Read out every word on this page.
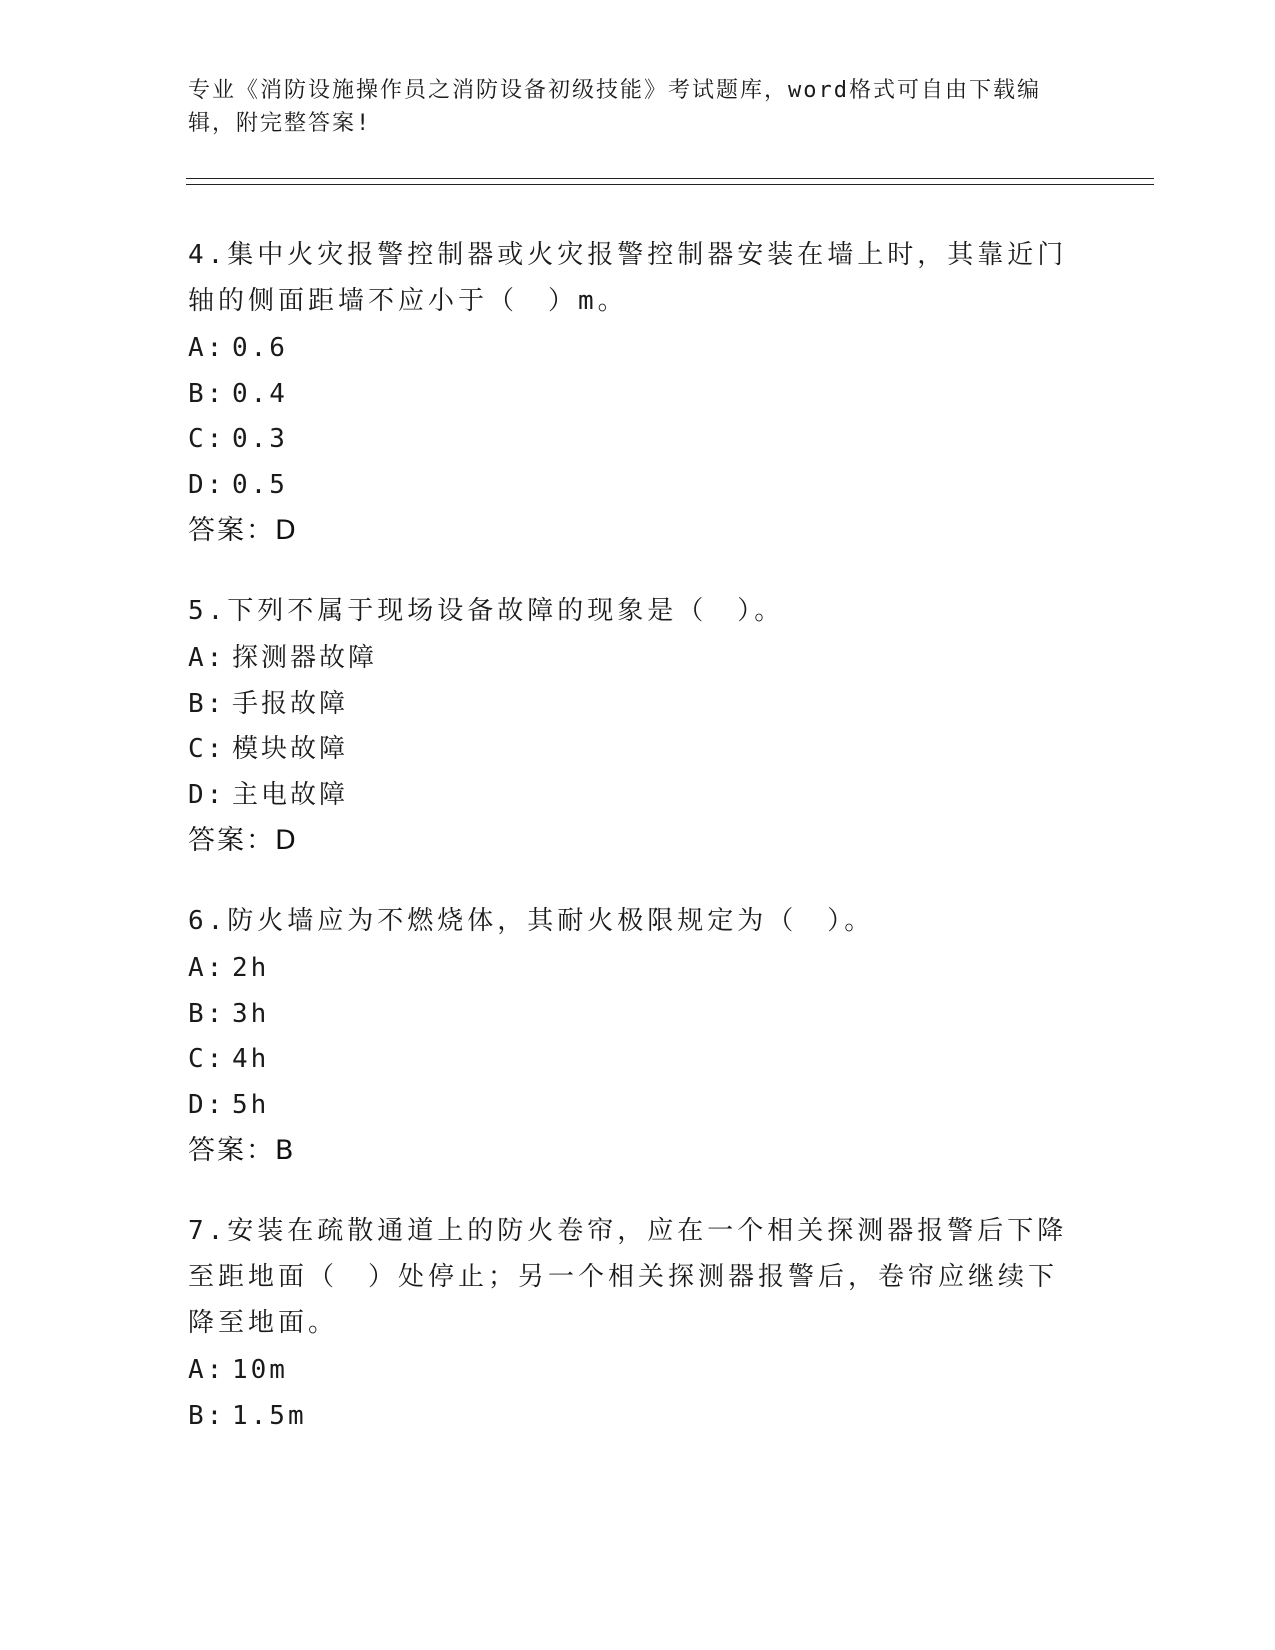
专业《消防设施操作员之消防设备初级技能》考试题库，word格式可自由下载编
辑，附完整答案!

4.集中火灾报警控制器或火灾报警控制器安装在墙上时，其靠近门轴的侧面距墙不应小于（　）m。

A: 0.6

B: 0.4

C: 0.3

D: 0.5

答案：D

5.下列不属于现场设备故障的现象是（　）。

A: 探测器故障

B: 手报故障

C: 模块故障

D: 主电故障

答案：D

6.防火墙应为不燃烧体，其耐火极限规定为（　）。

A: 2h

B: 3h

C: 4h

D: 5h

答案：B

7.安装在疏散通道上的防火卷帘，应在一个相关探测器报警后下降至距地面（　）处停止；另一个相关探测器报警后，卷帘应继续下降至地面。

A: 10m

B: 1.5m
